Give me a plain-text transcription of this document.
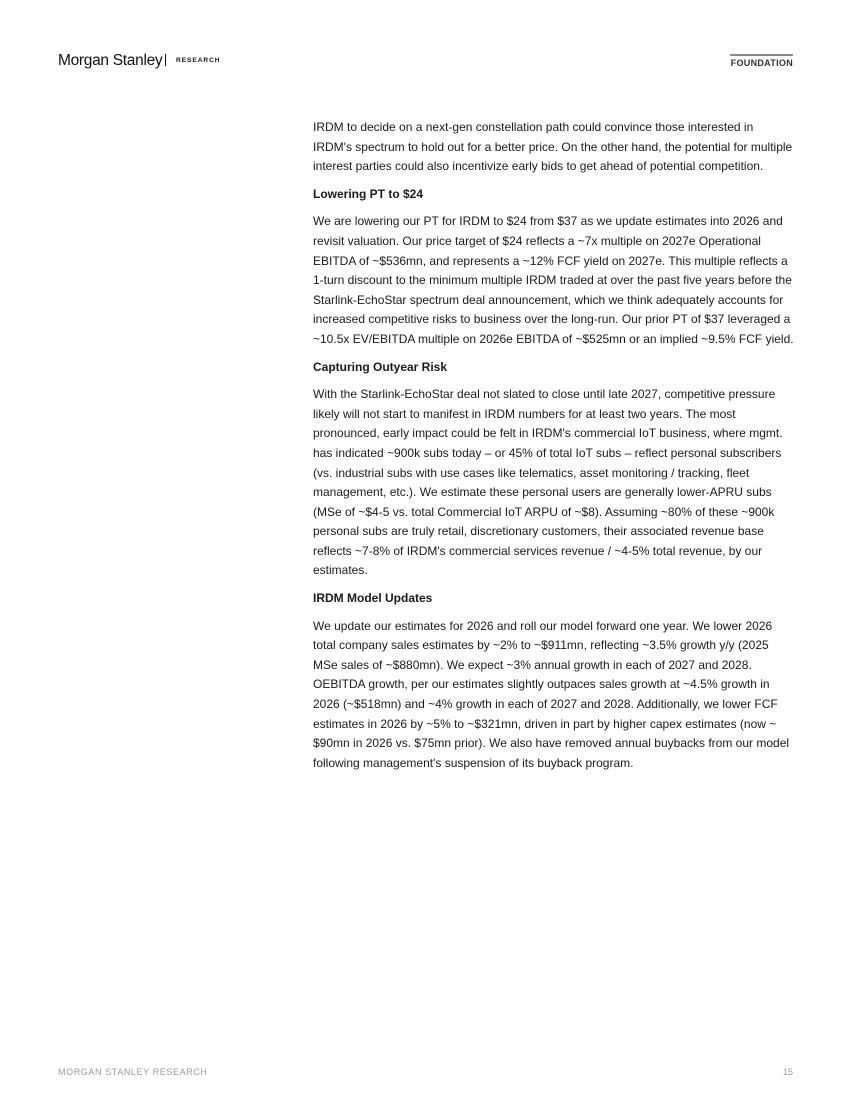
Morgan Stanley RESEARCH	FOUNDATION

IRDM to decide on a next-gen constellation path could convince those interested in IRDM's spectrum to hold out for a better price. On the other hand, the potential for multiple interest parties could also incentivize early bids to get ahead of potential competition.

Lowering PT to $24

We are lowering our PT for IRDM to $24 from $37 as we update estimates into 2026 and revisit valuation. Our price target of $24 reflects a ~7x multiple on 2027e Operational EBITDA of ~$536mn, and represents a ~12% FCF yield on 2027e. This multiple reflects a 1-turn discount to the minimum multiple IRDM traded at over the past five years before the Starlink-EchoStar spectrum deal announcement, which we think adequately accounts for increased competitive risks to business over the long-run. Our prior PT of $37 leveraged a ~10.5x EV/EBITDA multiple on 2026e EBITDA of ~$525mn or an implied ~9.5% FCF yield.

Capturing Outyear Risk

With the Starlink-EchoStar deal not slated to close until late 2027, competitive pressure likely will not start to manifest in IRDM numbers for at least two years. The most pronounced, early impact could be felt in IRDM's commercial IoT business, where mgmt. has indicated ~900k subs today – or 45% of total IoT subs – reflect personal subscribers (vs. industrial subs with use cases like telematics, asset monitoring / tracking, fleet management, etc.). We estimate these personal users are generally lower-APRU subs (MSe of ~$4-5 vs. total Commercial IoT ARPU of ~$8). Assuming ~80% of these ~900k personal subs are truly retail, discretionary customers, their associated revenue base reflects ~7-8% of IRDM's commercial services revenue / ~4-5% total revenue, by our estimates.

IRDM Model Updates

We update our estimates for 2026 and roll our model forward one year. We lower 2026 total company sales estimates by ~2% to ~$911mn, reflecting ~3.5% growth y/y (2025 MSe sales of ~$880mn). We expect ~3% annual growth in each of 2027 and 2028. OEBITDA growth, per our estimates slightly outpaces sales growth at ~4.5% growth in 2026 (~$518mn) and ~4% growth in each of 2027 and 2028. Additionally, we lower FCF estimates in 2026 by ~5% to ~$321mn, driven in part by higher capex estimates (now ~ $90mn in 2026 vs. $75mn prior). We also have removed annual buybacks from our model following management's suspension of its buyback program.

MORGAN STANLEY RESEARCH	15
